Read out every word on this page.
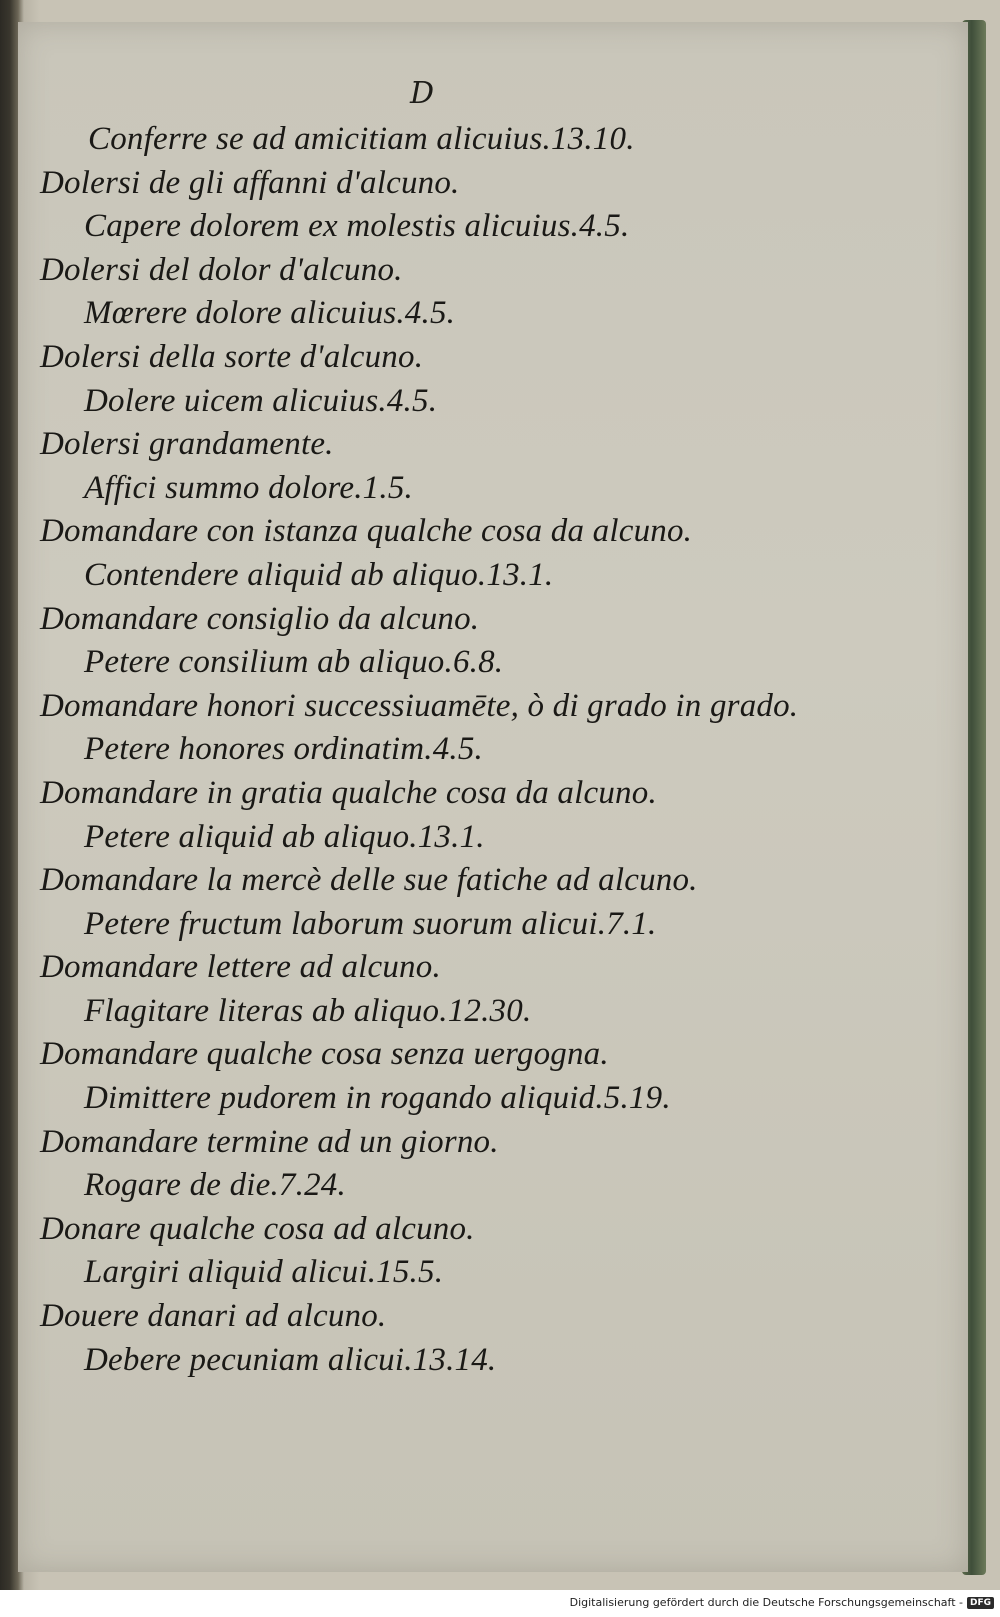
D
Conferre se ad amicitiam alicuius.13.10.
Dolersi de gli affanni d'alcuno.
Capere dolorem ex molestis alicuius.4.5.
Dolersi del dolor d'alcuno.
Mœrere dolore alicuius.4.5.
Dolersi della sorte d'alcuno.
Dolere uicem alicuius.4.5.
Dolersi grandamente.
Affici summo dolore.1.5.
Domandare con istanza qualche cosa da alcuno.
Contendere aliquid ab aliquo.13.1.
Domandare consiglio da alcuno.
Petere consilium ab aliquo.6.8.
Domandare honori successiuamēte, ò di grado in grado.
Petere honores ordinatim.4.5.
Domandare in gratia qualche cosa da alcuno.
Petere aliquid ab aliquo.13.1.
Domandare la mercè delle sue fatiche ad alcuno.
Petere fructum laborum suorum alicui.7.1.
Domandare lettere ad alcuno.
Flagitare literas ab aliquo.12.30.
Domandare qualche cosa senza uergogna.
Dimittere pudorem in rogando aliquid.5.19.
Domandare termine ad un giorno.
Rogare de die.7.24.
Donare qualche cosa ad alcuno.
Largiri aliquid alicui.15.5.
Douere danari ad alcuno.
Debere pecuniam alicui.13.14.
Digitalisierung gefördert durch die Deutsche Forschungsgemeinschaft - DFG
